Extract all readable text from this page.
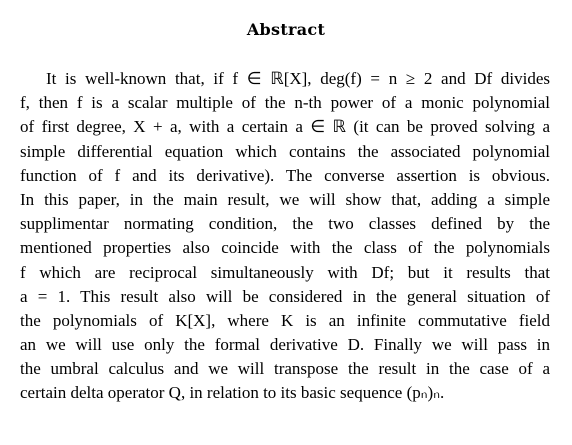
Abstract
It is well-known that, if f ∈ ℝ[X], deg(f) = n ≥ 2 and Df divides
f, then f is a scalar multiple of the n-th power of a monic polynomial
of first degree, X + a, with a certain a ∈ ℝ (it can be proved solving a
simple differential equation which contains the associated polynomial
function of f and its derivative). The converse assertion is obvious.
In this paper, in the main result, we will show that, adding a simple
supplimentar normating condition, the two classes defined by the
mentioned properties also coincide with the class of the polynomials
f which are reciprocal simultaneously with Df; but it results that
a = 1. This result also will be considered in the general situation of
the polynomials of K[X], where K is an infinite commutative field
an we will use only the formal derivative D. Finally we will pass in
the umbral calculus and we will transpose the result in the case of a
certain delta operator Q, in relation to its basic sequence (pₙ)ₙ.
